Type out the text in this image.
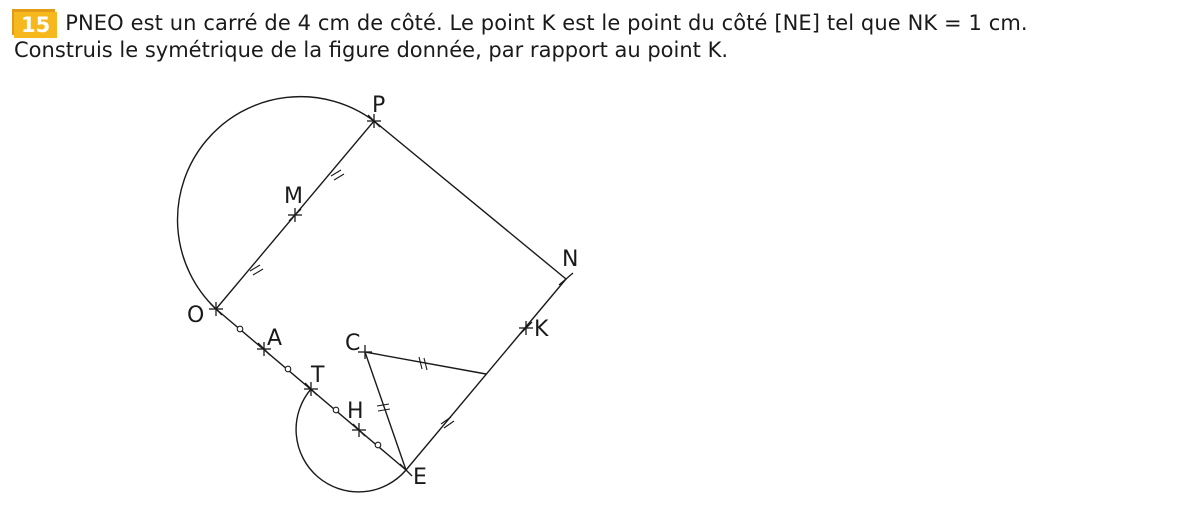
15 PNEO est un carré de 4 cm de côté. Le point K est le point du côté [NE] tel que NK = 1 cm.
Construis le symétrique de la figure donnée, par rapport au point K.
P
M
N
O
K
A	C
T
H
E
